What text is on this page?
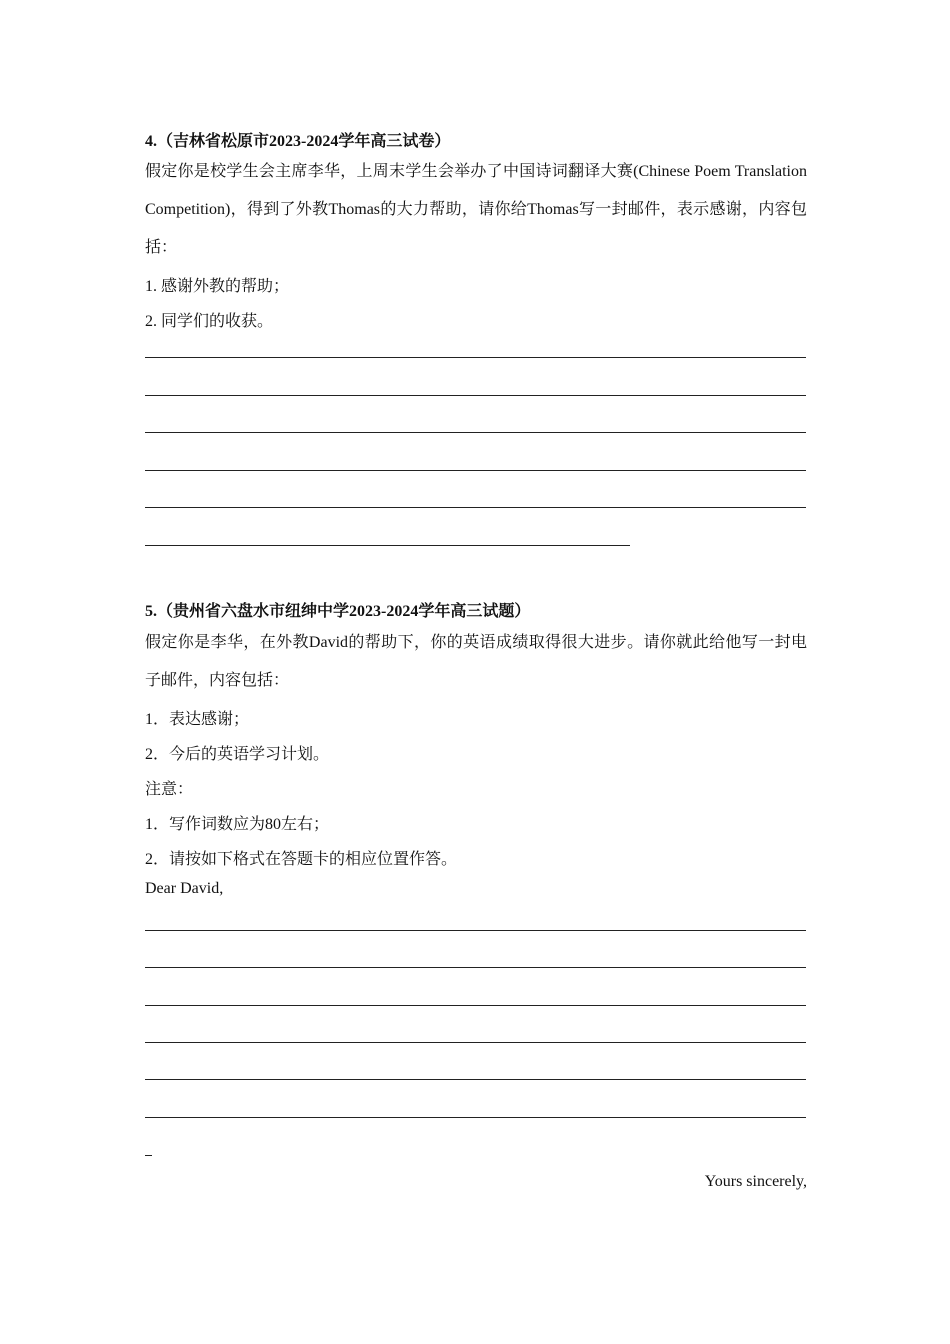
4.（吉林省松原市2023-2024学年高三试卷）
假定你是校学生会主席李华，上周末学生会举办了中国诗词翻译大赛(Chinese Poem Translation Competition)，得到了外教Thomas的大力帮助，请你给Thomas写一封邮件，表示感谢，内容包括：
1. 感谢外教的帮助；
2. 同学们的收获。
5.（贵州省六盘水市纽绅中学2023-2024学年高三试题）
假定你是李华，在外教David的帮助下，你的英语成绩取得很大进步。请你就此给他写一封电子邮件，内容包括：
1．表达感谢；
2．今后的英语学习计划。
注意：
1．写作词数应为80左右；
2．请按如下格式在答题卡的相应位置作答。
Dear David,
Yours sincerely,
